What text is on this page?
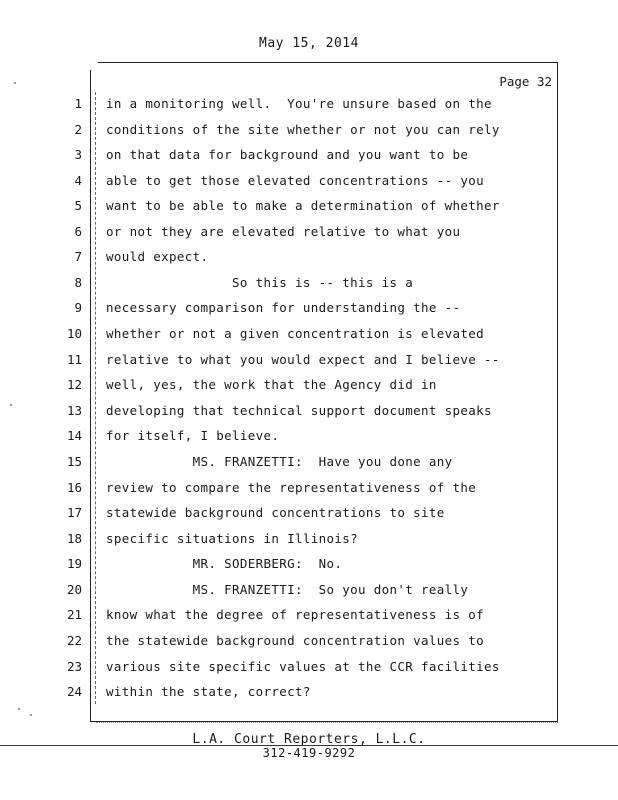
May 15, 2014
Page 32
1 in a monitoring well.  You're unsure based on the
2 conditions of the site whether or not you can rely
3 on that data for background and you want to be
4 able to get those elevated concentrations -- you
5 want to be able to make a determination of whether
6 or not they are elevated relative to what you
7 would expect.
8 So this is -- this is a
9 necessary comparison for understanding the --
10 whether or not a given concentration is elevated
11 relative to what you would expect and I believe --
12 well, yes, the work that the Agency did in
13 developing that technical support document speaks
14 for itself, I believe.
15 MS. FRANZETTI:  Have you done any
16 review to compare the representativeness of the
17 statewide background concentrations to site
18 specific situations in Illinois?
19 MR. SODERBERG:  No.
20 MS. FRANZETTI:  So you don't really
21 know what the degree of representativeness is of
22 the statewide background concentration values to
23 various site specific values at the CCR facilities
24 within the state, correct?
L.A. Court Reporters, L.L.C.
312-419-9292
